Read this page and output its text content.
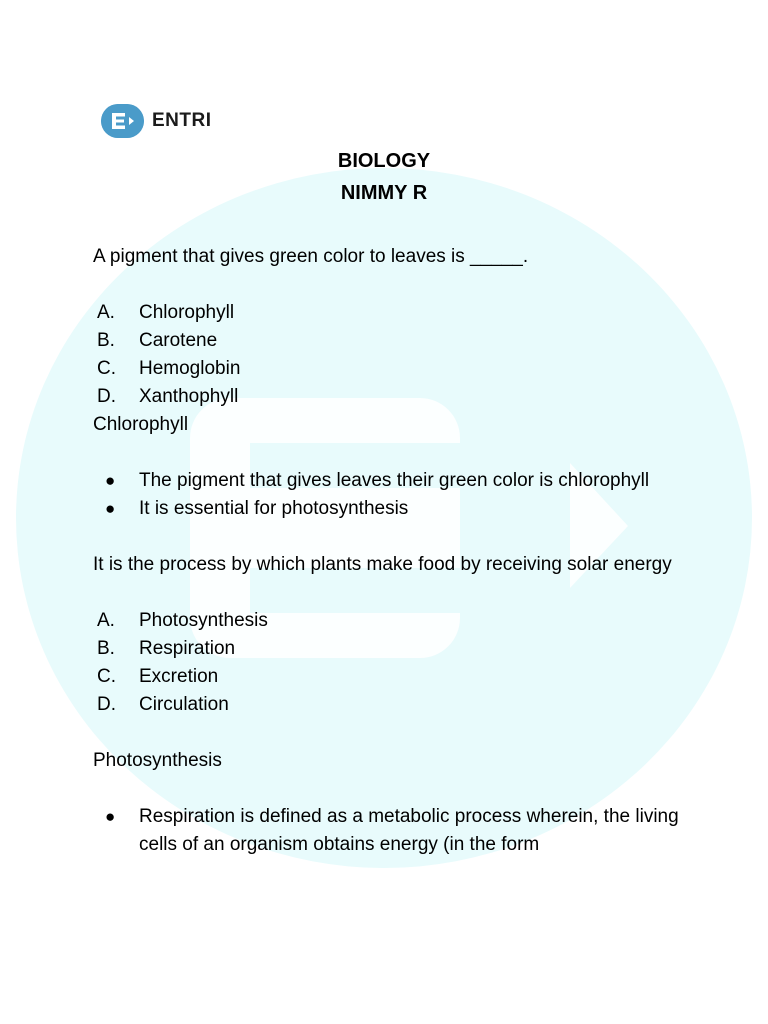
ENTRI
BIOLOGY
NIMMY R

A pigment that gives green color to leaves is _____.

A.	Chlorophyll
B.	Carotene
C.	Hemoglobin
D.	Xanthophyll

Chlorophyll

●	The pigment that gives leaves their green color is chlorophyll
●	It is essential for photosynthesis

It is the process by which plants make food by receiving solar energy

A.	Photosynthesis
B.	Respiration
C.	Excretion
D.	Circulation

Photosynthesis

●	Respiration is defined as a metabolic process wherein, the living cells of an organism obtains energy (in the form
